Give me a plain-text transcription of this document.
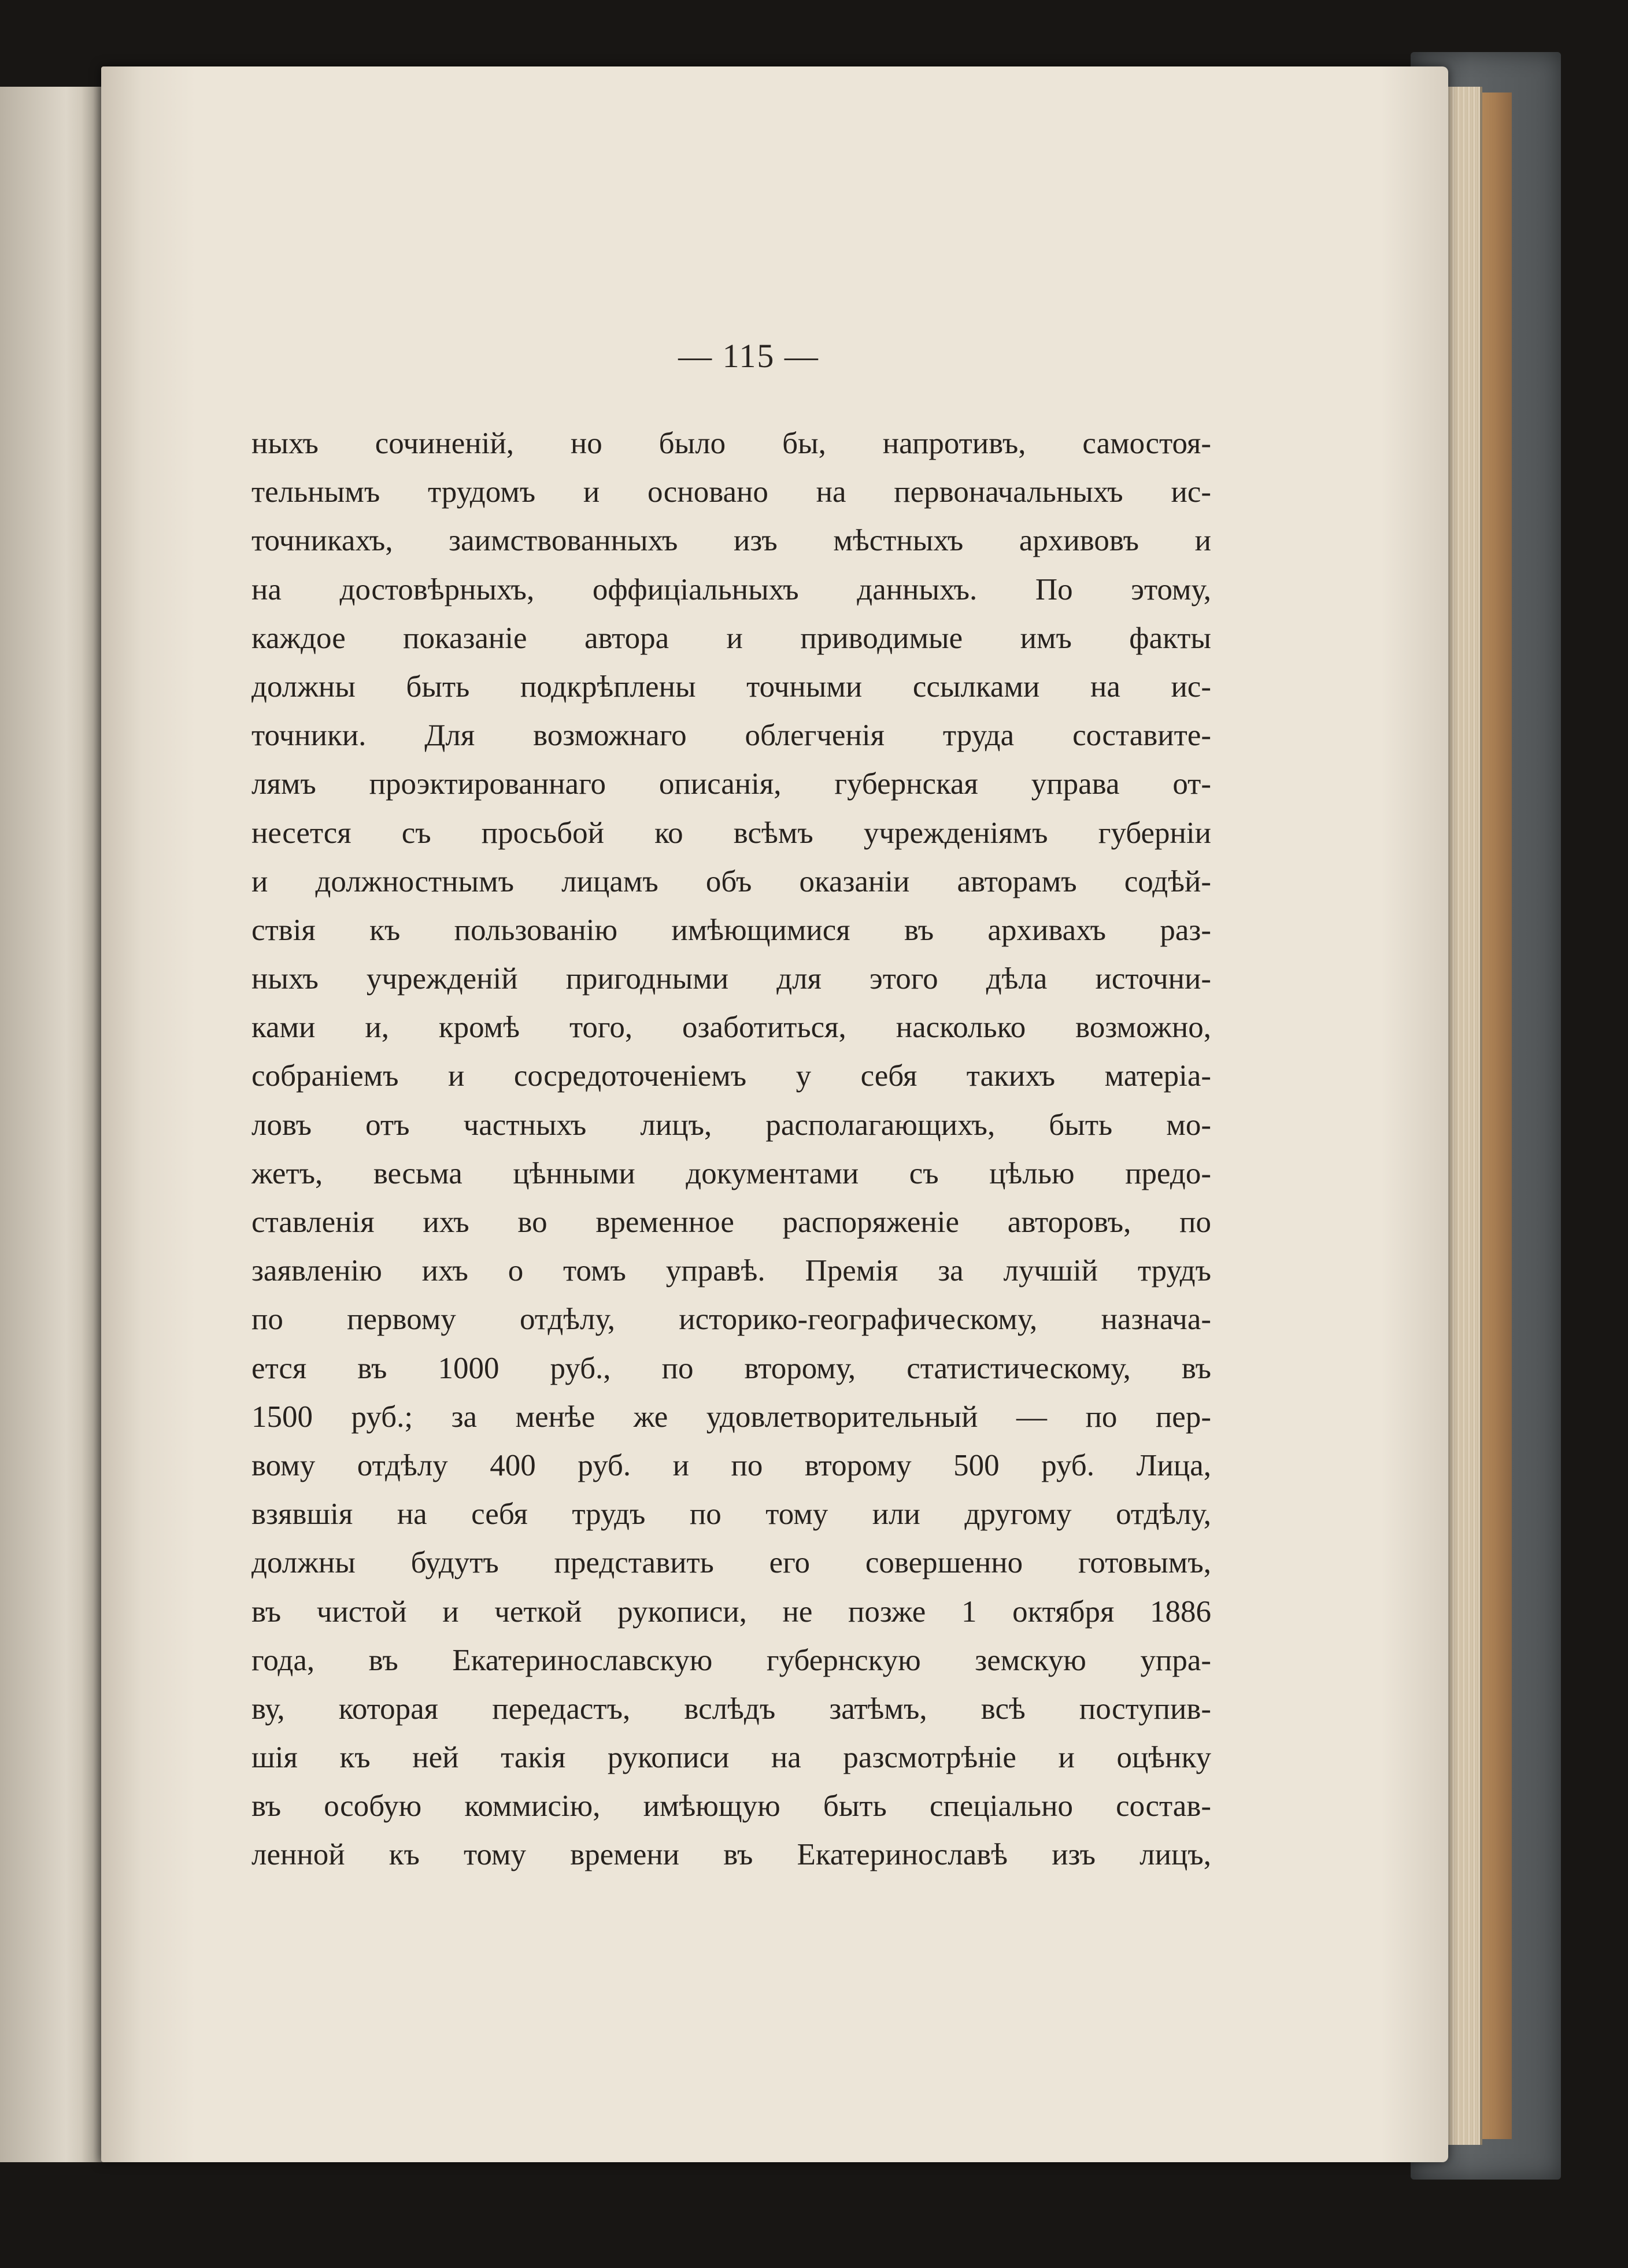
— 115 —
ныхъ сочиненій, но было бы, напротивъ, самостоя-
тельнымъ трудомъ и основано на первоначальныхъ ис-
точникахъ, заимствованныхъ изъ мѣстныхъ архивовъ и
на достовѣрныхъ, оффиціальныхъ данныхъ. По этому,
каждое показаніе автора и приводимые имъ факты
должны быть подкрѣплены точными ссылками на ис-
точники. Для возможнаго облегченія труда составите-
лямъ проэктированнаго описанія, губернская управа от-
несется съ просьбой ко всѣмъ учрежденіямъ губерніи
и должностнымъ лицамъ объ оказаніи авторамъ содѣй-
ствія къ пользованію имѣющимися въ архивахъ раз-
ныхъ учрежденій пригодными для этого дѣла источни-
ками и, кромѣ того, озаботиться, насколько возможно,
собраніемъ и сосредоточеніемъ у себя такихъ матеріа-
ловъ отъ частныхъ лицъ, располагающихъ, быть мо-
жетъ, весьма цѣнными документами съ цѣлью предо-
ставленія ихъ во временное распоряженіе авторовъ, по
заявленію ихъ о томъ управѣ. Премія за лучшій трудъ
по первому отдѣлу, историко-географическому, назнача-
ется въ 1000 руб., по второму, статистическому, въ
1500 руб.; за менѣе же удовлетворительный — по пер-
вому отдѣлу 400 руб. и по второму 500 руб. Лица,
взявшія на себя трудъ по тому или другому отдѣлу,
должны будутъ представить его совершенно готовымъ,
въ чистой и четкой рукописи, не позже 1 октября 1886
года, въ Екатеринославскую губернскую земскую упра-
ву, которая передастъ, вслѣдъ затѣмъ, всѣ поступив-
шія къ ней такія рукописи на разсмотрѣніе и оцѣнку
въ особую коммисію, имѣющую быть спеціально состав-
ленной къ тому времени въ Екатеринославѣ изъ лицъ,
